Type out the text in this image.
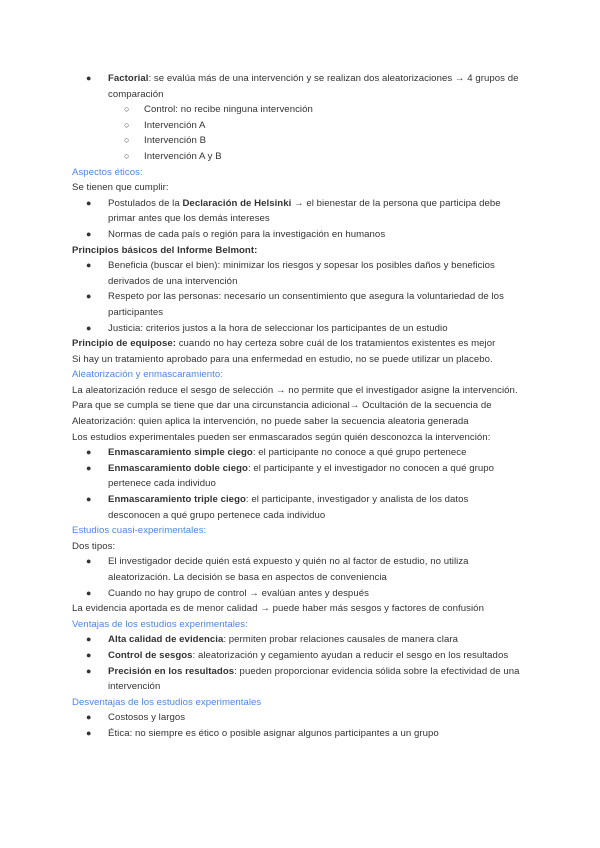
●	Factorial: se evalúa más de una intervención y se realizan dos aleatorizaciones → 4 grupos de comparación
○	Control: no recibe ninguna intervención
○	Intervención A
○	Intervención B
○	Intervención A y B

Aspectos éticos:

Se tienen que cumplir:

●	Postulados de la Declaración de Helsinki → el bienestar de la persona que participa debe primar antes que los demás intereses
●	Normas de cada país o región para la investigación en humanos

Principios básicos del Informe Belmont:

●	Beneficia (buscar el bien): minimizar los riesgos y sopesar los posibles daños y beneficios derivados de una intervención
●	Respeto por las personas: necesario un consentimiento que asegura la voluntariedad de los participantes
●	Justicia: criterios justos a la hora de seleccionar los participantes de un estudio

Principio de equipose: cuando no hay certeza sobre cuál de los tratamientos existentes es mejor

Si hay un tratamiento aprobado para una enfermedad en estudio, no se puede utilizar un placebo.

Aleatorización y enmascaramiento:

La aleatorización reduce el sesgo de selección → no permite que el investigador asigne la intervención.

Para que se cumpla se tiene que dar una circunstancia adicional→ Ocultación de la secuencia de Aleatorización: quien aplica la intervención, no puede saber la secuencia aleatoria generada

Los estudios experimentales pueden ser enmascarados según quién desconozca la intervención:

●	Enmascaramiento simple ciego: el participante no conoce a qué grupo pertenece
●	Enmascaramiento doble ciego: el participante y el investigador no conocen a qué grupo pertenece cada individuo
●	Enmascaramiento triple ciego: el participante, investigador y analista de los datos desconocen a qué grupo pertenece cada individuo

Estudios cuasi-experimentales:

Dos tipos:

●	El investigador decide quién está expuesto y quién no al factor de estudio, no utiliza aleatorización. La decisión se basa en aspectos de conveniencia
●	Cuando no hay grupo de control → evalúan antes y después

La evidencia aportada es de menor calidad → puede haber más sesgos y factores de confusión

Ventajas de los estudios experimentales:

●	Alta calidad de evidencia: permiten probar relaciones causales de manera clara
●	Control de sesgos: aleatorización y cegamiento ayudan a reducir el sesgo en los resultados
●	Precisión en los resultados: pueden proporcionar evidencia sólida sobre la efectividad de una intervención

Desventajas de los estudios experimentales

●	Costosos y largos
●	Ética: no siempre es ético o posible asignar algunos participantes a un grupo
